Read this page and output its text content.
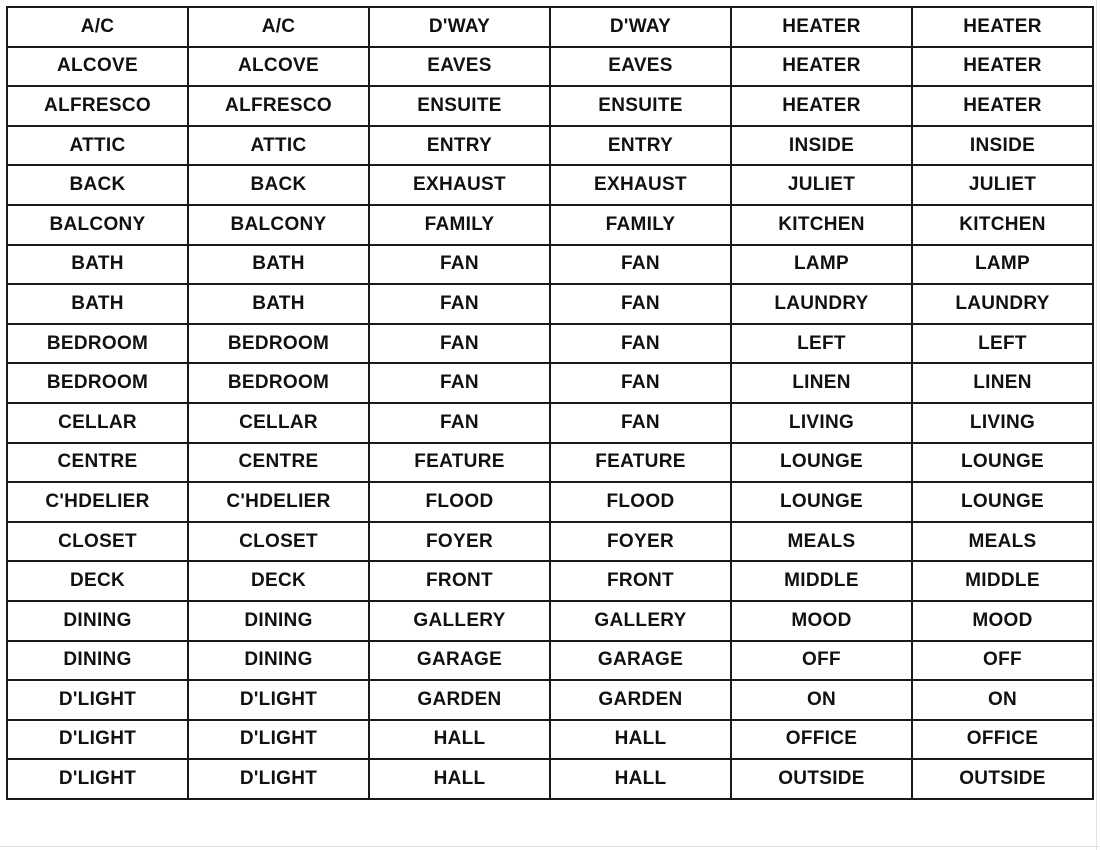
A/C	A/C	D'WAY	D'WAY	HEATER	HEATER
ALCOVE	ALCOVE	EAVES	EAVES	HEATER	HEATER
ALFRESCO	ALFRESCO	ENSUITE	ENSUITE	HEATER	HEATER
ATTIC	ATTIC	ENTRY	ENTRY	INSIDE	INSIDE
BACK	BACK	EXHAUST	EXHAUST	JULIET	JULIET
BALCONY	BALCONY	FAMILY	FAMILY	KITCHEN	KITCHEN
BATH	BATH	FAN	FAN	LAMP	LAMP
BATH	BATH	FAN	FAN	LAUNDRY	LAUNDRY
BEDROOM	BEDROOM	FAN	FAN	LEFT	LEFT
BEDROOM	BEDROOM	FAN	FAN	LINEN	LINEN
CELLAR	CELLAR	FAN	FAN	LIVING	LIVING
CENTRE	CENTRE	FEATURE	FEATURE	LOUNGE	LOUNGE
C'HDELIER	C'HDELIER	FLOOD	FLOOD	LOUNGE	LOUNGE
CLOSET	CLOSET	FOYER	FOYER	MEALS	MEALS
DECK	DECK	FRONT	FRONT	MIDDLE	MIDDLE
DINING	DINING	GALLERY	GALLERY	MOOD	MOOD
DINING	DINING	GARAGE	GARAGE	OFF	OFF
D'LIGHT	D'LIGHT	GARDEN	GARDEN	ON	ON
D'LIGHT	D'LIGHT	HALL	HALL	OFFICE	OFFICE
D'LIGHT	D'LIGHT	HALL	HALL	OUTSIDE	OUTSIDE
